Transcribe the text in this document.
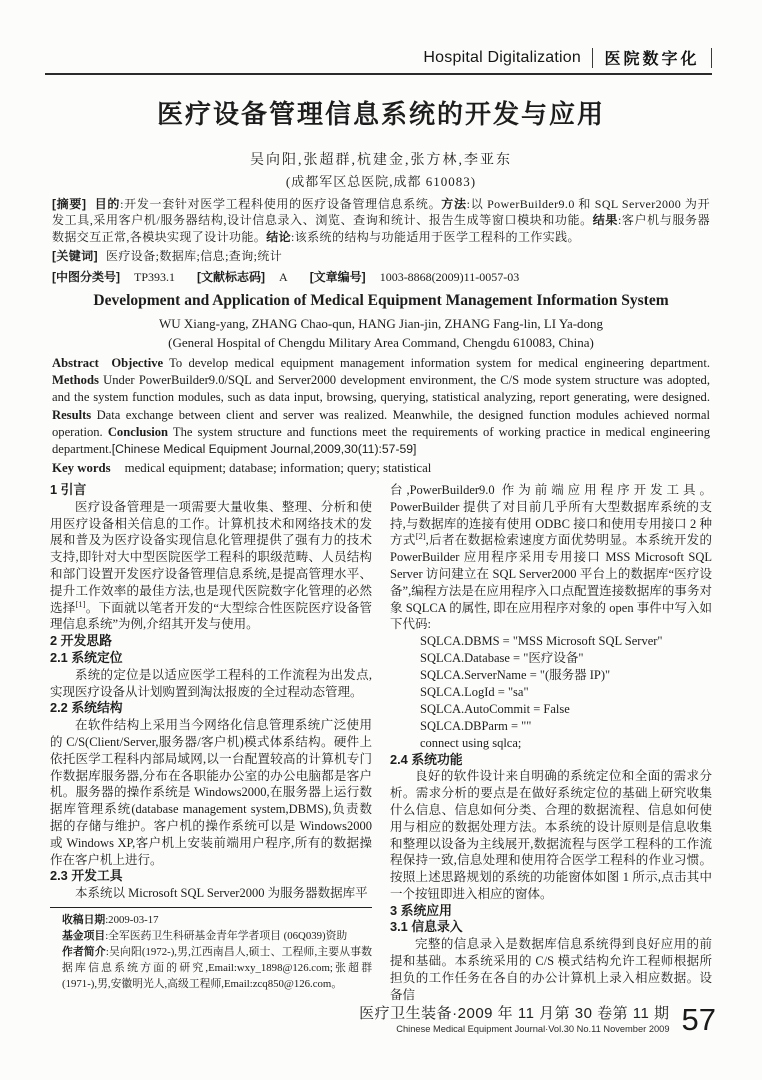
Hospital Digitalization 医院数字化
医疗设备管理信息系统的开发与应用
吴向阳,张超群,杭建金,张方林,李亚东
(成都军区总医院,成都 610083)
[摘要] 目的:开发一套针对医学工程科使用的医疗设备管理信息系统。方法:以 PowerBuilder9.0 和 SQL Server2000 为开发工具,采用客户机/服务器结构,设计信息录入、浏览、查询和统计、报告生成等窗口模块和功能。结果:客户机与服务器数据交互正常,各模块实现了设计功能。结论:该系统的结构与功能适用于医学工程科的工作实践。
[关键词] 医疗设备;数据库;信息;查询;统计
[中图分类号] TP393.1 [文献标志码] A [文章编号] 1003-8868(2009)11-0057-03
Development and Application of Medical Equipment Management Information System
WU Xiang-yang, ZHANG Chao-qun, HANG Jian-jin, ZHANG Fang-lin, LI Ya-dong
(General Hospital of Chengdu Military Area Command, Chengdu 610083, China)
Abstract Objective To develop medical equipment management information system for medical engineering department. Methods Under PowerBuilder9.0/SQL and Server2000 development environment, the C/S mode system structure was adopted, and the system function modules, such as data input, browsing, querying, statistical analyzing, report generating, were designed. Results Data exchange between client and server was realized. Meanwhile, the designed function modules achieved normal operation. Conclusion The system structure and functions meet the requirements of working practice in medical engineering department.[Chinese Medical Equipment Journal,2009,30(11):57-59]
Key words medical equipment; database; information; query; statistical
1 引言

医疗设备管理是一项需要大量收集、整理、分析和使用医疗设备相关信息的工作。计算机技术和网络技术的发展和普及为医疗设备实现信息化管理提供了强有力的技术支持,即针对大中型医院医学工程科的职级范畴、人员结构和部门设置开发医疗设备管理信息系统,是提高管理水平、提升工作效率的最佳方法,也是现代医院数字化管理的必然选择[1]。下面就以笔者开发的“大型综合性医院医疗设备管理信息系统”为例,介绍其开发与使用。

2 开发思路
2.1 系统定位

系统的定位是以适应医学工程科的工作流程为出发点,实现医疗设备从计划购置到淘汰报废的全过程动态管理。

2.2 系统结构

在软件结构上采用当今网络化信息管理系统广泛使用的 C/S(Client/Server,服务器/客户机)模式体系结构。硬件上依托医学工程科内部局域网,以一台配置较高的计算机专门作数据库服务器,分布在各职能办公室的办公电脑都是客户机。服务器的操作系统是 Windows2000,在服务器上运行数据库管理系统(database management system,DBMS),负责数据的存储与维护。客户机的操作系统可以是 Windows2000 或 Windows XP,客户机上安装前端用户程序,所有的数据操作在客户机上进行。

2.3 开发工具

本系统以 Microsoft SQL Server2000 为服务器数据库平

收稿日期:2009-03-17

基金项目:全军医药卫生科研基金青年学者项目 (06Q039)资助

作者简介:吴向阳(1972-),男,江西南昌人,硕士、工程师,主要从事数据库信息系统方面的研究,Email:wxy_1898@126.com;张超群(1971-),男,安徽明光人,高级工程师,Email:zcq850@126.com。

台,PowerBuilder9.0 作为前端应用程序开发工具。PowerBuilder 提供了对目前几乎所有大型数据库系统的支持,与数据库的连接有使用 ODBC 接口和使用专用接口 2 种方式[2],后者在数据检索速度方面优势明显。本系统开发的 PowerBuilder 应用程序采用专用接口 MSS Microsoft SQL Server 访问建立在 SQL Server2000 平台上的数据库“医疗设备”,编程方法是在应用程序入口点配置连接数据库的事务对象 SQLCA 的属性, 即在应用程序对象的 open 事件中写入如下代码:

SQLCA.DBMS = "MSS Microsoft SQL Server"
SQLCA.Database = "医疗设备"
SQLCA.ServerName = "(服务器 IP)"
SQLCA.LogId = "sa"
SQLCA.AutoCommit = False
SQLCA.DBParm = ""
connect using sqlca;
2.4 系统功能

良好的软件设计来自明确的系统定位和全面的需求分析。需求分析的要点是在做好系统定位的基础上研究收集什么信息、信息如何分类、合理的数据流程、信息如何使用与相应的数据处理方法。本系统的设计原则是信息收集和整理以设备为主线展开,数据流程与医学工程科的工作流程保持一致,信息处理和使用符合医学工程科的作业习惯。按照上述思路规划的系统的功能窗体如图 1 所示,点击其中一个按钮即进入相应的窗体。

3 系统应用
3.1 信息录入

完整的信息录入是数据库信息系统得到良好应用的前提和基础。本系统采用的 C/S 模式结构允许工程师根据所担负的工作任务在各自的办公计算机上录入相应数据。设备信

医疗卫生装备·2009 年 11 月第 30 卷第 11 期
Chinese Medical Equipment Journal·Vol.30 No.11 November 2009 57
